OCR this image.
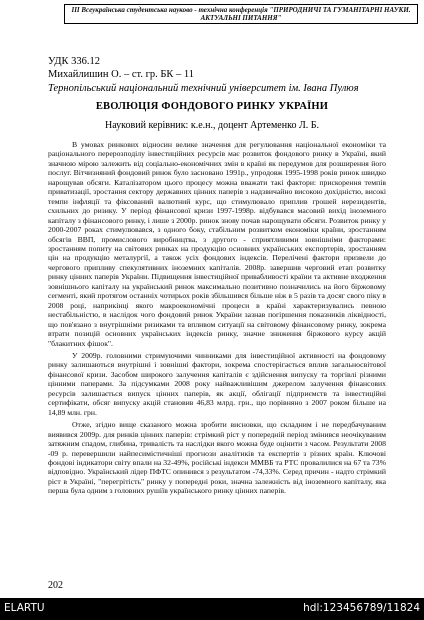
ІІІ Всеукраїнська студентська науково - технічна конференція "ПРИРОДНИЧІ ТА ГУМАНІТАРНІ НАУКИ.
АКТУАЛЬНІ ПИТАННЯ"
УДК 336.12
Михайлишин О. – ст. гр. БК – 11
Тернопільський національний технічний університет ім. Івана Пулюя
ЕВОЛЮЦІЯ ФОНДОВОГО РИНКУ УКРАЇНИ
Науковий керівник: к.е.н., доцент Артеменко Л. Б.

В умовах ринкових відносин велике значення для регулювання національної економіки та раціонального перерозподілу інвестиційних ресурсів має розвиток фондового ринку в Україні, який значною мірою залежить від соціально-економічних змін в країні як передумов для розширення його послуг. Вітчизняний фондовий ринок було засновано 1991р., упродовж 1995-1998 років ринок швидко нарощував обсяги. Каталізатором цього процесу можна вважати такі фактори: прискорення темпів приватизації, зростання сектору державних цінних паперів з надзвичайно високою дохідністю, високі темпи інфляції та фіксований валютний курс, що стимулювало приплив грошей нерезидентів, схильних до ризику. У період фінансової кризи 1997-1998р. відбувався масовий вихід іноземного капіталу з фінансового ринку, і лише з 2000р. ринок знову почав нарощувати обсяги. Розвиток ринку у 2000-2007 роках стимулювався, з одного боку, стабільним розвитком економіки країни, зростанням обсягів ВВП, промислового виробництва, з другого - сприятливими зовнішніми факторами: зростанням попиту на світових ринках на продукцію основних українських експортерів, зростанням цін на продукцію металургії, а також усіх фондових індексів. Перелічені фактори призвели до чергового припливу спекулятивних іноземних капіталів. 2008р. завершив черговий етап розвитку ринку цінних паперів України. Підвищення інвестиційної привабливості країни та активне входження зовнішнього капіталу на український ринок максимально позитивно позначились на його біржовому сегменті, який протягом останніх чотирьох років збільшився більше ніж в 5 разів та досяг свого піку в 2008 році, наприкінці якого макроекономічні процеси в країні характеризувались певною нестабільністю, в наслідок чого фондовий ринок України зазнав погіршення показників ліквідності, що пов'язано з внутрішніми ризиками та впливом ситуації на світовому фінансовому ринку, зокрема втрати позицій основних українських індексів ринку, значне зниження біржового курсу акцій "блакитних фішок".

У 2009р. головними стримуючими чинниками для інвестиційної активності на фондовому ринку залишаються внутрішні і зовнішні фактори, зокрема спостерігається вплив загальносвітової фінансової кризи. Засобом широкого залучення капіталів є здійснення випуску та торгівлі різними цінними паперами. За підсумками 2008 року найважливішим джерелом залучення фінансових ресурсів залишається випуск цінних паперів, як акції, облігації підприємств та інвестиційні сертифікати, обсяг випуску акцій становив 46,83 млрд. грн., що порівняно з 2007 роком більше на 14,89 млн. грн.

Отже, згідно вище сказаного можна зробити висновки, що складним і не передбачуваним виявився 2009р. для ринків цінних паперів: стрімкий ріст у попередній період змінився неочікуваним затяжним спадом, глибина, тривалість та наслідки якого можна буде оцінити з часом. Результати 2008 -09 р. перевершили найпесимістичніші прогнози аналітиків та експертів з різних країн. Ключові фондові індикатори світу впали на 32-49%, російські індекси ММВБ та РТС провалилися на 67 та 73% відповідно. Український лідер ПФТС опинився з результатом -74,33%. Серед причин - надто стрімкий ріст в Україні, "перегрітість" ринку у попередні роки, значна залежність від іноземного капіталу, яка перша була одним з головних рушіїв українського ринку цінних паперів.

202
ELARTU	hdl:123456789/11824
